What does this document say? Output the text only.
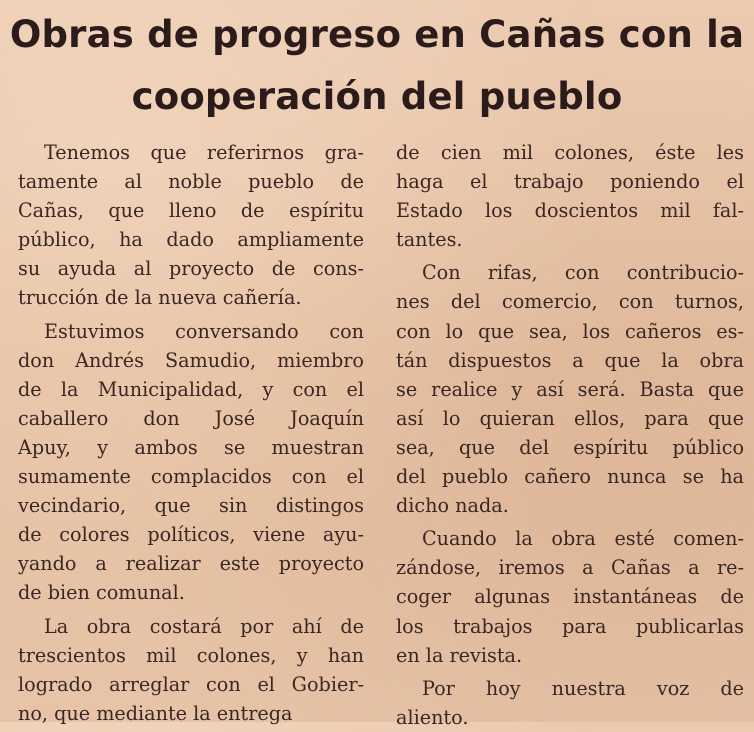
Obras de progreso en Cañas con la
cooperación del pueblo

Tenemos que referirnos gra-
tamente al noble pueblo de
Cañas, que lleno de espíritu
público, ha dado ampliamente
su ayuda al proyecto de cons-
trucción de la nueva cañería.

Estuvimos conversando con
don Andrés Samudio, miembro
de la Municipalidad, y con el
caballero don José Joaquín
Apuy, y ambos se muestran
sumamente complacidos con el
vecindario, que sin distingos
de colores políticos, viene ayu-
yando a realizar este proyecto
de bien comunal.

La obra costará por ahí de
trescientos mil colones, y han
logrado arreglar con el Gobier-
no, que mediante la entrega

de cien mil colones, éste les
haga el trabajo poniendo el
Estado los doscientos mil fal-
tantes.

Con rifas, con contribucio-
nes del comercio, con turnos,
con lo que sea, los cañeros es-
tán dispuestos a que la obra
se realice y así será. Basta que
así lo quieran ellos, para que
sea, que del espíritu público
del pueblo cañero nunca se ha
dicho nada.

Cuando la obra esté comen-
zándose, iremos a Cañas a re-
coger algunas instantáneas de
los trabajos para publicarlas
en la revista.

Por hoy nuestra voz de
aliento.
